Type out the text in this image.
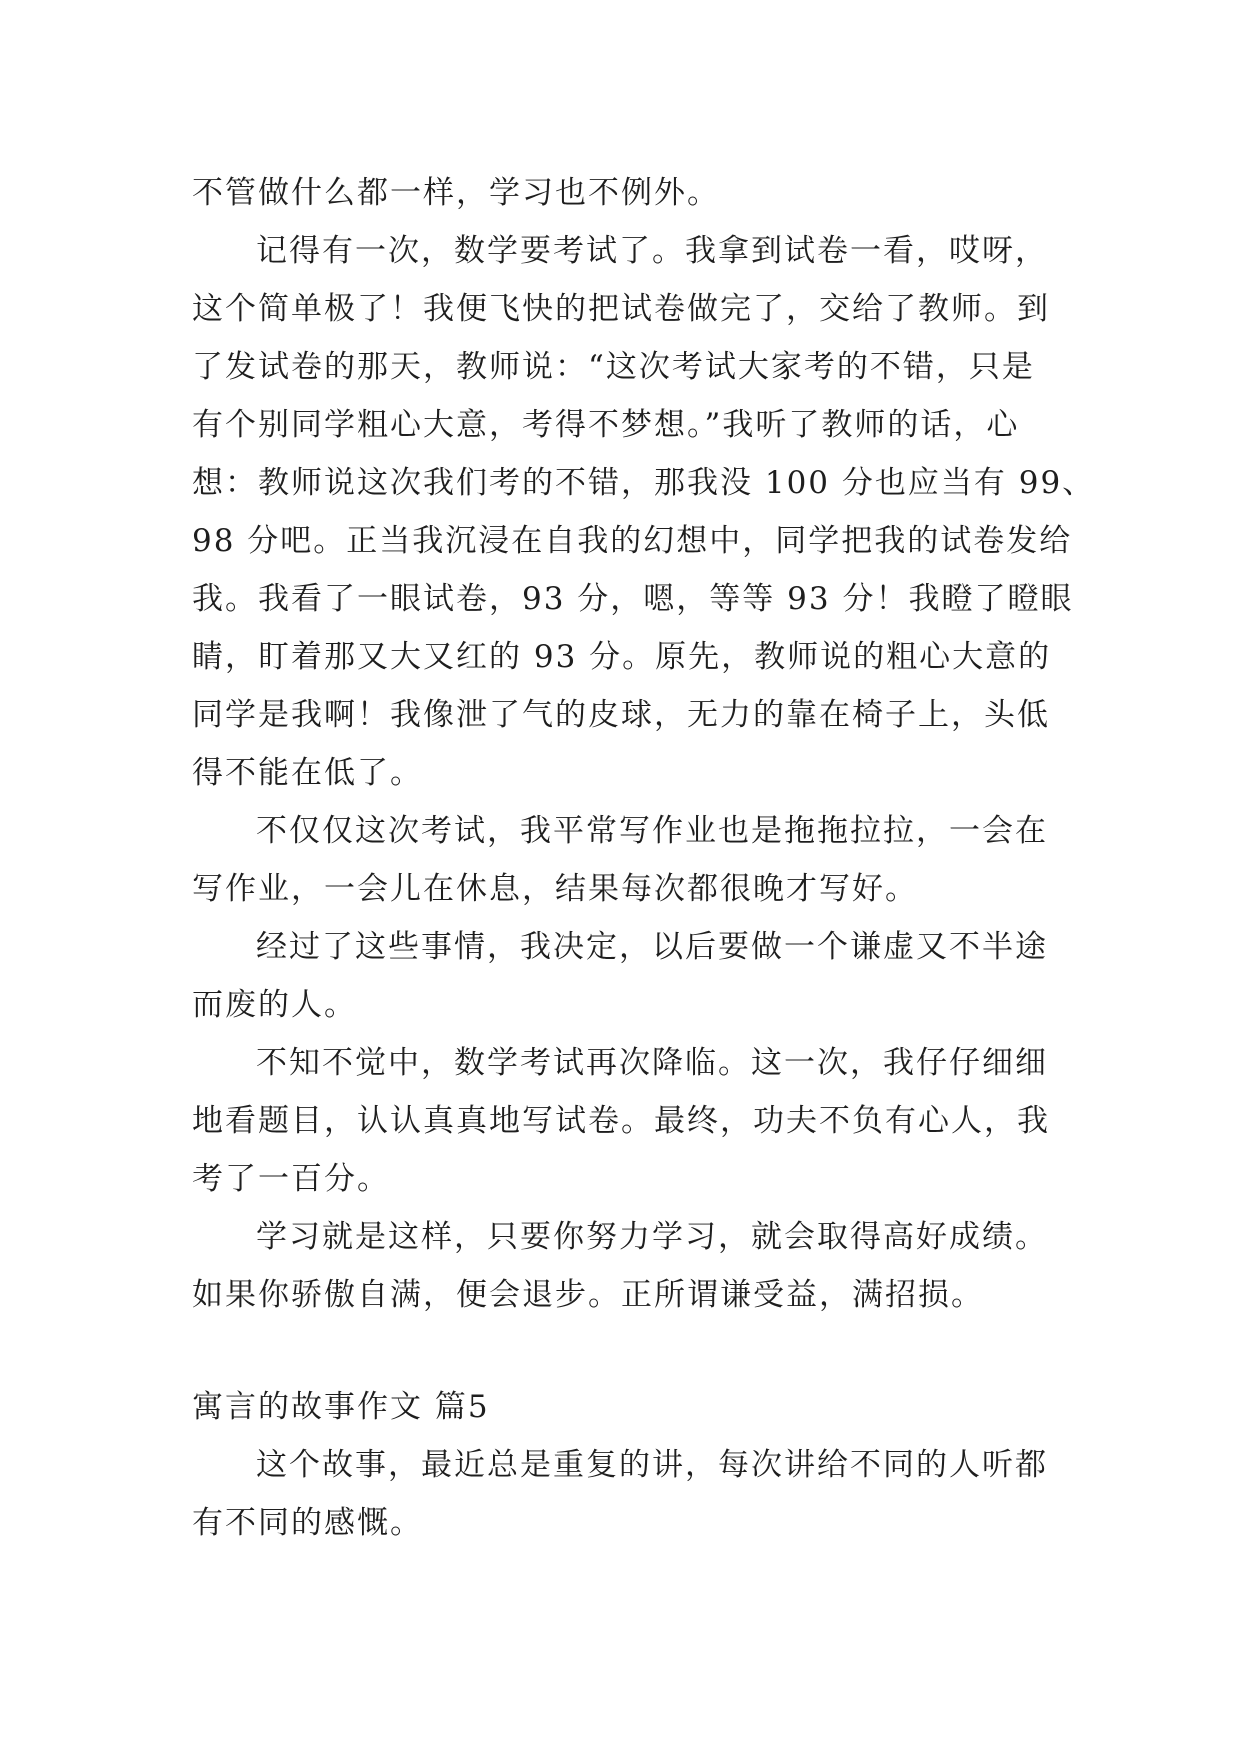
不管做什么都一样，学习也不例外。

记得有一次，数学要考试了。我拿到试卷一看，哎呀，
这个简单极了！我便飞快的把试卷做完了，交给了教师。到
了发试卷的那天，教师说：“这次考试大家考的不错，只是
有个别同学粗心大意，考得不梦想。”我听了教师的话，心
想：教师说这次我们考的不错，那我没 100 分也应当有 99、
98 分吧。正当我沉浸在自我的幻想中，同学把我的试卷发给
我。我看了一眼试卷，93 分，嗯，等等 93 分！我瞪了瞪眼
睛，盯着那又大又红的 93 分。原先，教师说的粗心大意的
同学是我啊！我像泄了气的皮球，无力的靠在椅子上，头低
得不能在低了。

不仅仅这次考试，我平常写作业也是拖拖拉拉，一会在
写作业，一会儿在休息，结果每次都很晚才写好。

经过了这些事情，我决定，以后要做一个谦虚又不半途
而废的人。

不知不觉中，数学考试再次降临。这一次，我仔仔细细
地看题目，认认真真地写试卷。最终，功夫不负有心人，我
考了一百分。

学习就是这样，只要你努力学习，就会取得高好成绩。
如果你骄傲自满，便会退步。正所谓谦受益，满招损。

寓言的故事作文 篇5

这个故事，最近总是重复的讲，每次讲给不同的人听都
有不同的感慨。
